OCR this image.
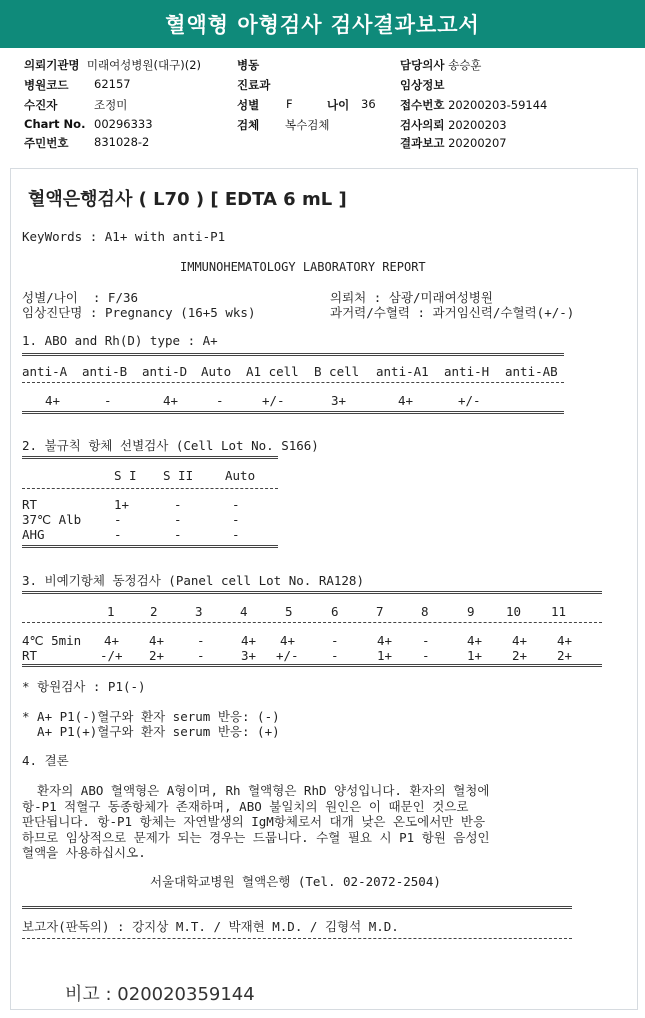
혈액형 아형검사 검사결과보고서
의뢰기관명 미래여성병원(대구)(2)
병원코드 62157
수진자	조정미
Chart No. 00296333
주민번호 831028-2
병동
진료과
성별 F	나이 36
검체 복수검체
담당의사 송승훈
임상정보
접수번호 20200203-59144
검사의뢰 20200203
결과보고 20200207
혈액은행검사 ( L70 ) [ EDTA 6 mL ]
KeyWords : A1+ with anti-P1
IMMUNOHEMATOLOGY LABORATORY REPORT
성별/나이  : F/36
임상진단명 : Pregnancy (16+5 wks)
의뢰처 : 삼광/미래여성병원
과거력/수혈력 : 과거임신력/수혈력(+/-)
1. ABO and Rh(D) type : A+
anti-A anti-B anti-D Auto A1 cell B cell anti-A1 anti-H anti-AB
4+	-	4+	-	+/-	3+	4+	+/-
2. 불규칙 항체 선별검사 (Cell Lot No. S166)
S I S II	Auto
RT	1+	-	-
37℃ Alb	-	-	-
AHG	-	-	-
3. 비예기항체 동정검사 (Panel cell Lot No. RA128)
1	2	3	4	5	6	7	8	9	10 11
4℃ 5min 4+ 4+	-	4+ 4+	-	4+ -	4+ 4+ 4+
RT	-/+ 2+	-	3+ +/-	-	1+ -	1+ 2+ 2+
* 항원검사 : P1(-)
* A+ P1(-)혈구와 환자 serum 반응: (-)
A+ P1(+)혈구와 환자 serum 반응: (+)
4. 결론
환자의 ABO 혈액형은 A형이며, Rh 혈액형은 RhD 양성입니다. 환자의 혈청에
항-P1 적혈구 동종항체가 존재하며, ABO 불일치의 원인은 이 때문인 것으로
판단됩니다. 항-P1 항체는 자연발생의 IgM항체로서 대개 낮은 온도에서만 반응
하므로 임상적으로 문제가 되는 경우는 드뭅니다. 수혈 필요 시 P1 항원 음성인
혈액을 사용하십시오.
서울대학교병원 혈액은행 (Tel. 02-2072-2504)
보고자(판독의) : 강지상 M.T. / 박재현 M.D. / 김형석 M.D.
비고 : 020020359144
